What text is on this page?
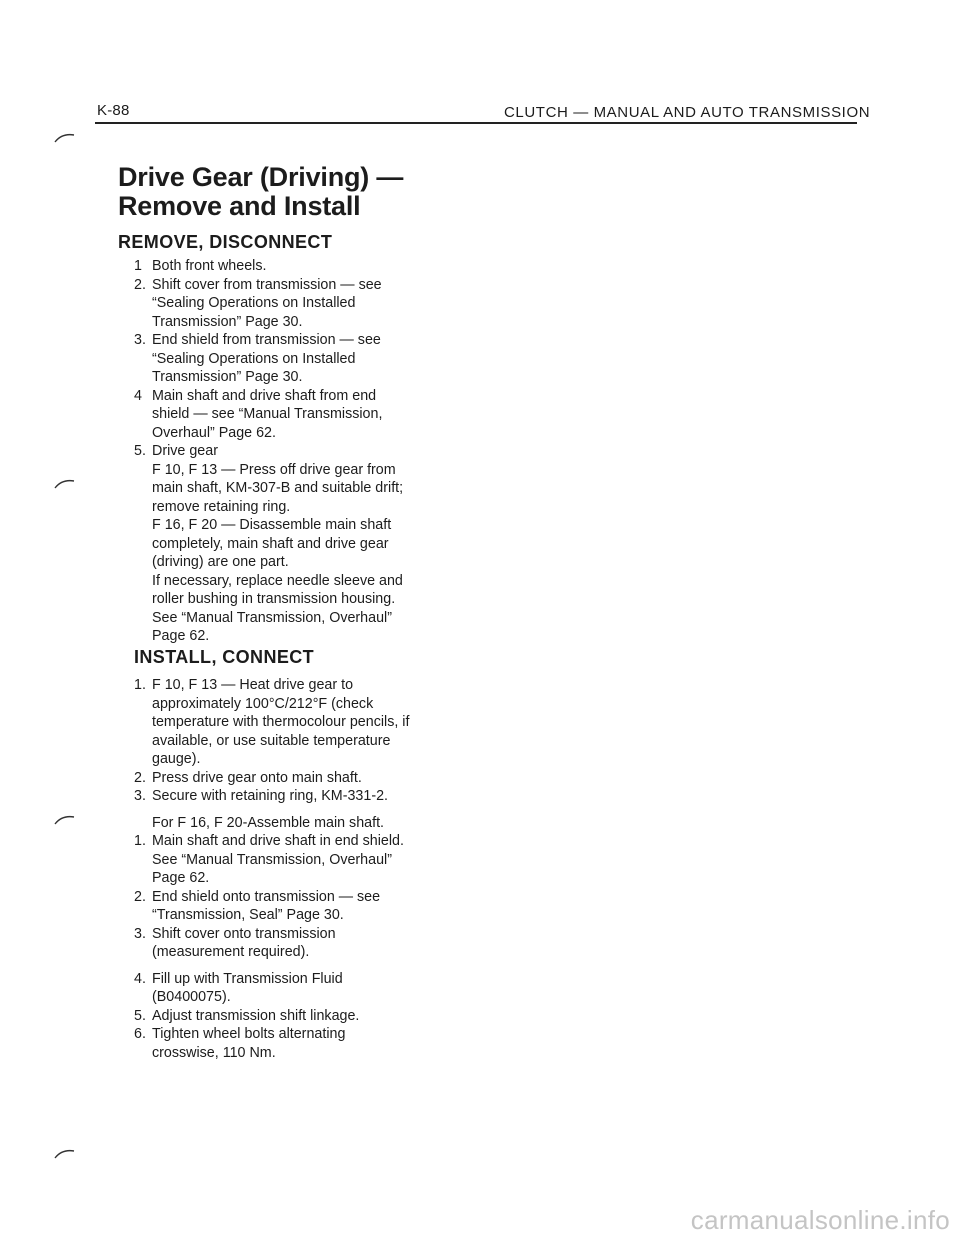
K-88	CLUTCH — MANUAL AND AUTO TRANSMISSION
Drive Gear (Driving) —
Remove and Install
REMOVE, DISCONNECT
1 Both front wheels.
2. Shift cover from transmission — see
“Sealing Operations on Installed
Transmission” Page 30.
3. End shield from transmission — see
“Sealing Operations on Installed
Transmission” Page 30.
4 Main shaft and drive shaft from end
shield — see “Manual Transmission,
Overhaul” Page 62.
5. Drive gear
F 10, F 13 — Press off drive gear from
main shaft, KM-307-B and suitable drift;
remove retaining ring.
F 16, F 20 — Disassemble main shaft
completely, main shaft and drive gear
(driving) are one part.
If necessary, replace needle sleeve and
roller bushing in transmission housing.
See “Manual Transmission, Overhaul”
Page 62.
INSTALL, CONNECT
1. F 10, F 13 — Heat drive gear to
approximately 100°C/212°F (check
temperature with thermocolour pencils, if
available, or use suitable temperature
gauge).
2. Press drive gear onto main shaft.
3. Secure with retaining ring, KM-331-2.
For F 16, F 20-Assemble main shaft.
1. Main shaft and drive shaft in end shield.
See “Manual Transmission, Overhaul”
Page 62.
2. End shield onto transmission — see
“Transmission, Seal” Page 30.
3. Shift cover onto transmission
(measurement required).
4. Fill up with Transmission Fluid
(B0400075).
5. Adjust transmission shift linkage.
6. Tighten wheel bolts alternating
crosswise, 110 Nm.
carmanualsonline.info
